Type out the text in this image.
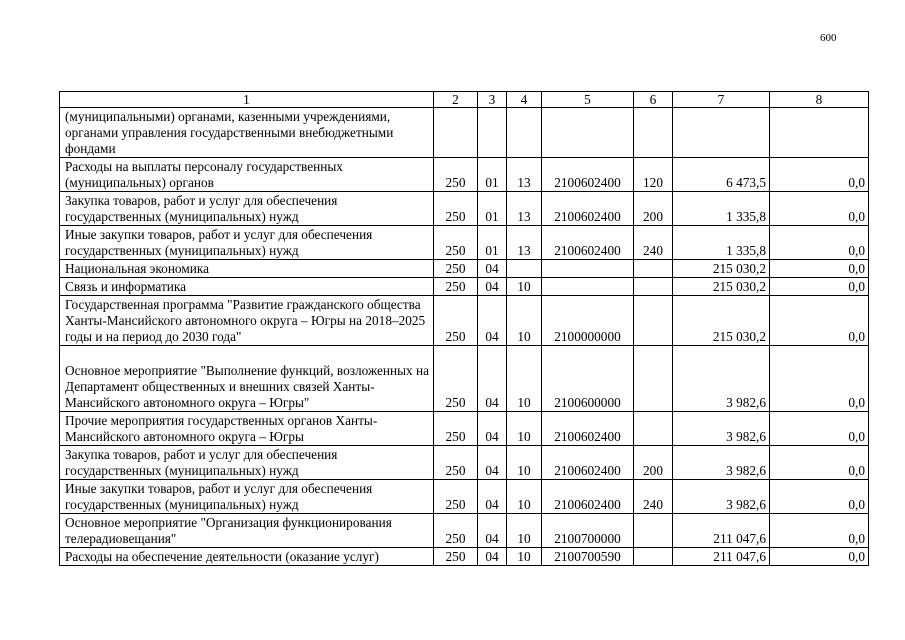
600
1	2	3	4	5	6	7	8
(муниципальными) органами, казенными учреждениями, органами управления государственными внебюджетными фондами							
Расходы на выплаты персоналу государственных (муниципальных) органов	250	01	13	2100602400	120	6 473,5	0,0
Закупка товаров, работ и услуг для обеспечения государственных (муниципальных) нужд	250	01	13	2100602400	200	1 335,8	0,0
Иные закупки товаров, работ и услуг для обеспечения государственных (муниципальных) нужд	250	01	13	2100602400	240	1 335,8	0,0
Национальная экономика	250	04				215 030,2	0,0
Связь и информатика	250	04	10			215 030,2	0,0
Государственная программа "Развитие гражданского общества Ханты-Мансийского автономного округа – Югры на 2018–2025 годы и на период до 2030 года"	250	04	10	2100000000		215 030,2	0,0
Основное мероприятие "Выполнение функций, возложенных на Департамент общественных и внешних связей Ханты-Мансийского автономного округа – Югры"	250	04	10	2100600000		3 982,6	0,0
Прочие мероприятия государственных органов Ханты-Мансийского автономного округа – Югры	250	04	10	2100602400		3 982,6	0,0
Закупка товаров, работ и услуг для обеспечения государственных (муниципальных) нужд	250	04	10	2100602400	200	3 982,6	0,0
Иные закупки товаров, работ и услуг для обеспечения государственных (муниципальных) нужд	250	04	10	2100602400	240	3 982,6	0,0
Основное мероприятие "Организация функционирования телерадиовещания"	250	04	10	2100700000		211 047,6	0,0
Расходы на обеспечение деятельности (оказание услуг)	250	04	10	2100700590		211 047,6	0,0
